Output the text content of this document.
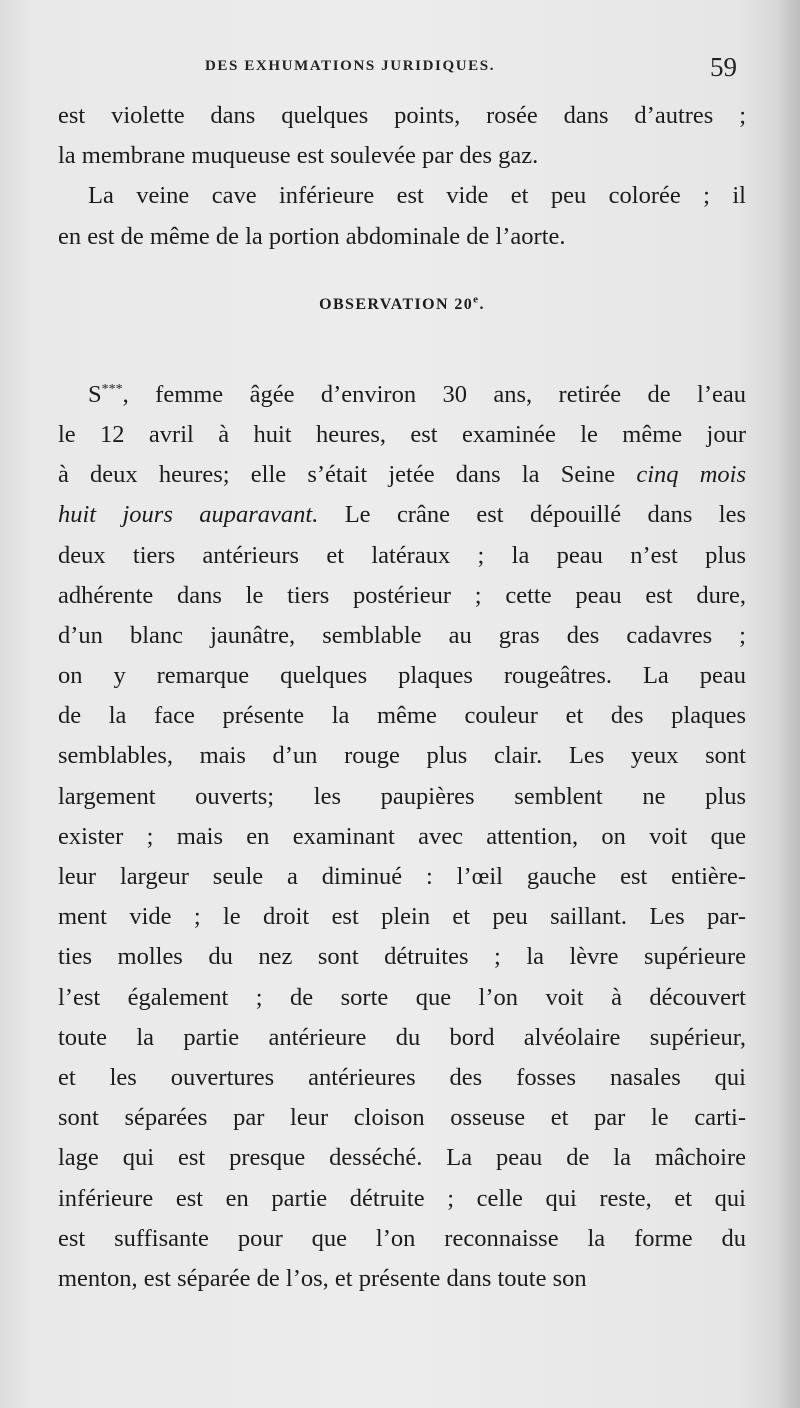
DES EXHUMATIONS JURIDIQUES.	59
est violette dans quelques points, rosée dans d’autres ;
la membrane muqueuse est soulevée par des gaz.
La veine cave inférieure est vide et peu colorée ; il
en est de même de la portion abdominale de l’aorte.
OBSERVATION 20e.
S***, femme âgée d’environ 30 ans, retirée de l’eau
le 12 avril à huit heures, est examinée le même jour
à deux heures; elle s’était jetée dans la Seine cinq mois
huit jours auparavant. Le crâne est dépouillé dans les
deux tiers antérieurs et latéraux ; la peau n’est plus
adhérente dans le tiers postérieur ; cette peau est dure,
d’un blanc jaunâtre, semblable au gras des cadavres ;
on y remarque quelques plaques rougeâtres. La peau
de la face présente la même couleur et des plaques
semblables, mais d’un rouge plus clair. Les yeux sont
largement ouverts; les paupières semblent ne plus
exister ; mais en examinant avec attention, on voit que
leur largeur seule a diminué : l’œil gauche est entière-
ment vide ; le droit est plein et peu saillant. Les par-
ties molles du nez sont détruites ; la lèvre supérieure
l’est également ; de sorte que l’on voit à découvert
toute la partie antérieure du bord alvéolaire supérieur,
et les ouvertures antérieures des fosses nasales qui
sont séparées par leur cloison osseuse et par le carti-
lage qui est presque desséché. La peau de la mâchoire
inférieure est en partie détruite ; celle qui reste, et qui
est suffisante pour que l’on reconnaisse la forme du
menton, est séparée de l’os, et présente dans toute son
